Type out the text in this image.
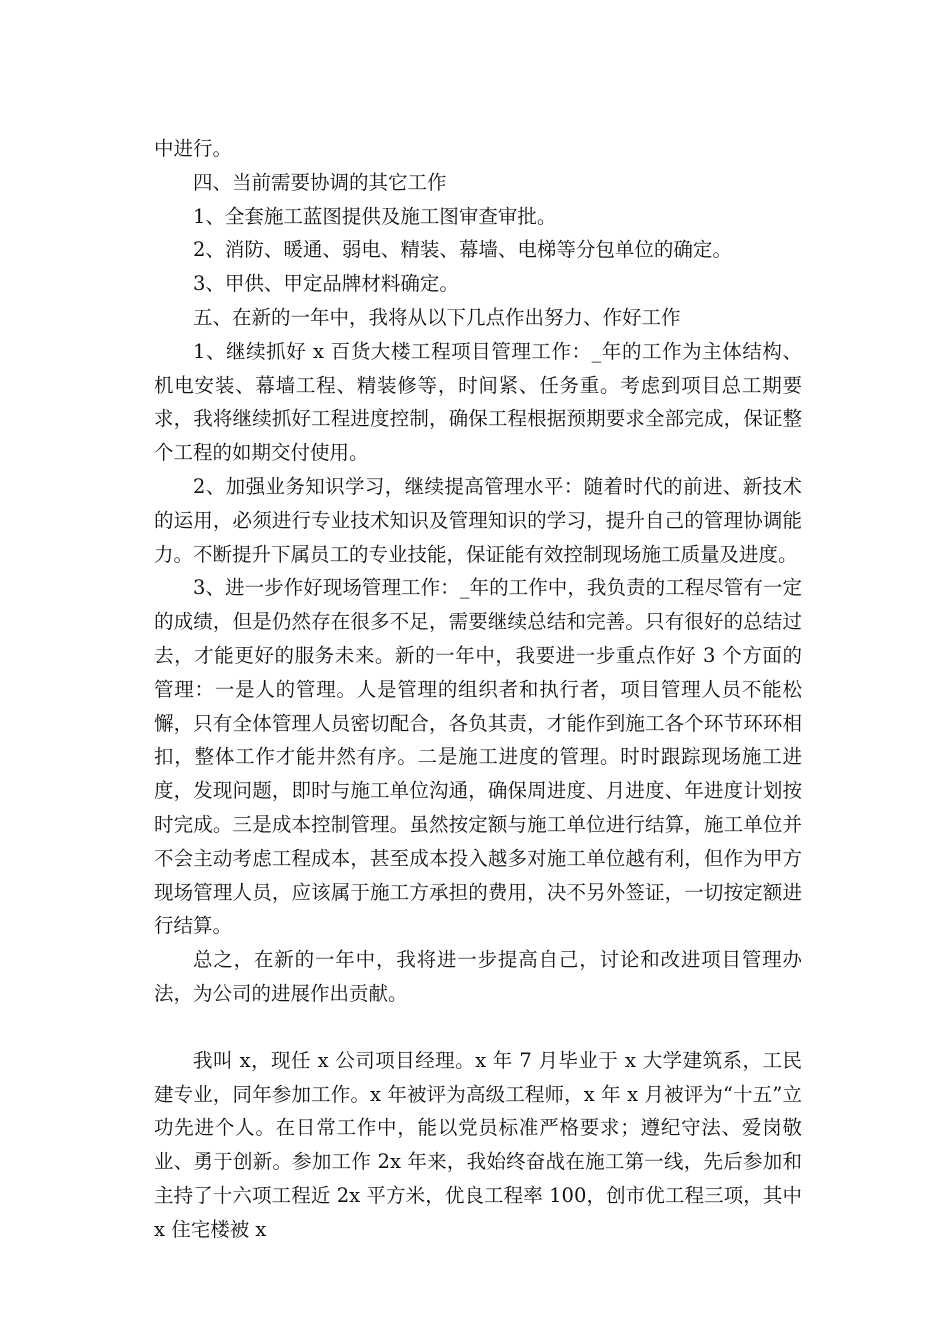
中进行。

四、当前需要协调的其它工作

1、全套施工蓝图提供及施工图审查审批。

2、消防、暖通、弱电、精装、幕墙、电梯等分包单位的确定。

3、甲供、甲定品牌材料确定。

五、在新的一年中，我将从以下几点作出努力、作好工作

1、继续抓好 x 百货大楼工程项目管理工作：_年的工作为主体结构、机电安装、幕墙工程、精装修等，时间紧、任务重。考虑到项目总工期要求，我将继续抓好工程进度控制，确保工程根据预期要求全部完成，保证整个工程的如期交付使用。

2、加强业务知识学习，继续提高管理水平：随着时代的前进、新技术的运用，必须进行专业技术知识及管理知识的学习，提升自己的管理协调能力。不断提升下属员工的专业技能，保证能有效控制现场施工质量及进度。

3、进一步作好现场管理工作：_年的工作中，我负责的工程尽管有一定的成绩，但是仍然存在很多不足，需要继续总结和完善。只有很好的总结过去，才能更好的服务未来。新的一年中，我要进一步重点作好 3 个方面的管理：一是人的管理。人是管理的组织者和执行者，项目管理人员不能松懈，只有全体管理人员密切配合，各负其责，才能作到施工各个环节环环相扣，整体工作才能井然有序。二是施工进度的管理。时时跟踪现场施工进度，发现问题，即时与施工单位沟通，确保周进度、月进度、年进度计划按时完成。三是成本控制管理。虽然按定额与施工单位进行结算，施工单位并不会主动考虑工程成本，甚至成本投入越多对施工单位越有利，但作为甲方现场管理人员，应该属于施工方承担的费用，决不另外签证，一切按定额进行结算。

总之，在新的一年中，我将进一步提高自己，讨论和改进项目管理办法，为公司的进展作出贡献。

我叫 x，现任 x 公司项目经理。x 年 7 月毕业于 x 大学建筑系，工民建专业，同年参加工作。x 年被评为高级工程师，x 年 x 月被评为“十五”立功先进个人。在日常工作中，能以党员标准严格要求；遵纪守法、爱岗敬业、勇于创新。参加工作 2x 年来，我始终奋战在施工第一线，先后参加和主持了十六项工程近 2x 平方米，优良工程率 100，创市优工程三项，其中 x 住宅楼被 x
